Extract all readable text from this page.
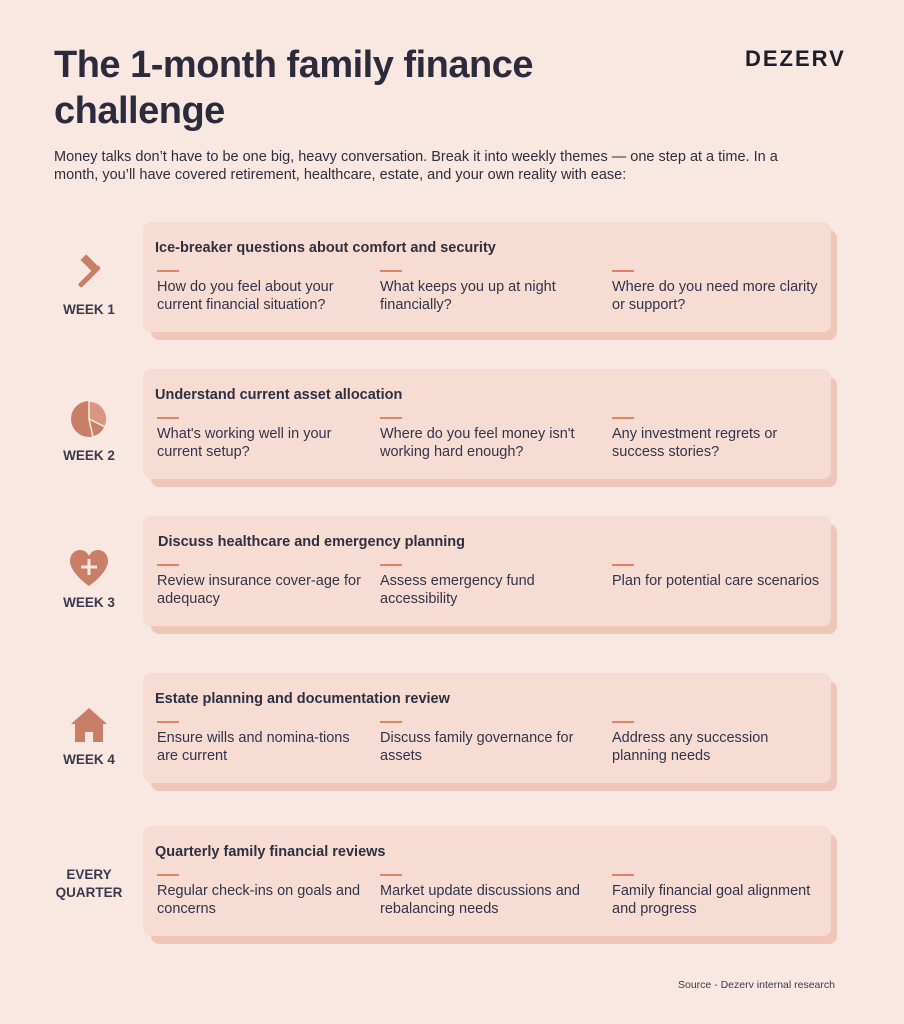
The 1-month family finance challenge
DEZERV

Money talks don’t have to be one big, heavy conversation. Break it into weekly themes — one step at a time. In a month, you’ll have covered retirement, healthcare, estate, and your own reality with ease:

WEEK 1
Ice-breaker questions about comfort and security
How do you feel about your current financial situation?
What keeps you up at night financially?
Where do you need more clarity or support?
WEEK 2
Understand current asset allocation
What's working well in your current setup?
Where do you feel money isn't working hard enough?
Any investment regrets or success stories?
WEEK 3
Discuss healthcare and emergency planning
Review insurance cover-age for adequacy
Assess emergency fund accessibility
Plan for potential care scenarios
WEEK 4
Estate planning and documentation review
Ensure wills and nomina-tions are current
Discuss family governance for assets
Address any succession planning needs
EVERY QUARTER
Quarterly family financial reviews
Regular check-ins on goals and concerns
Market update discussions and rebalancing needs
Family financial goal alignment and progress
Source - Dezerv internal research
